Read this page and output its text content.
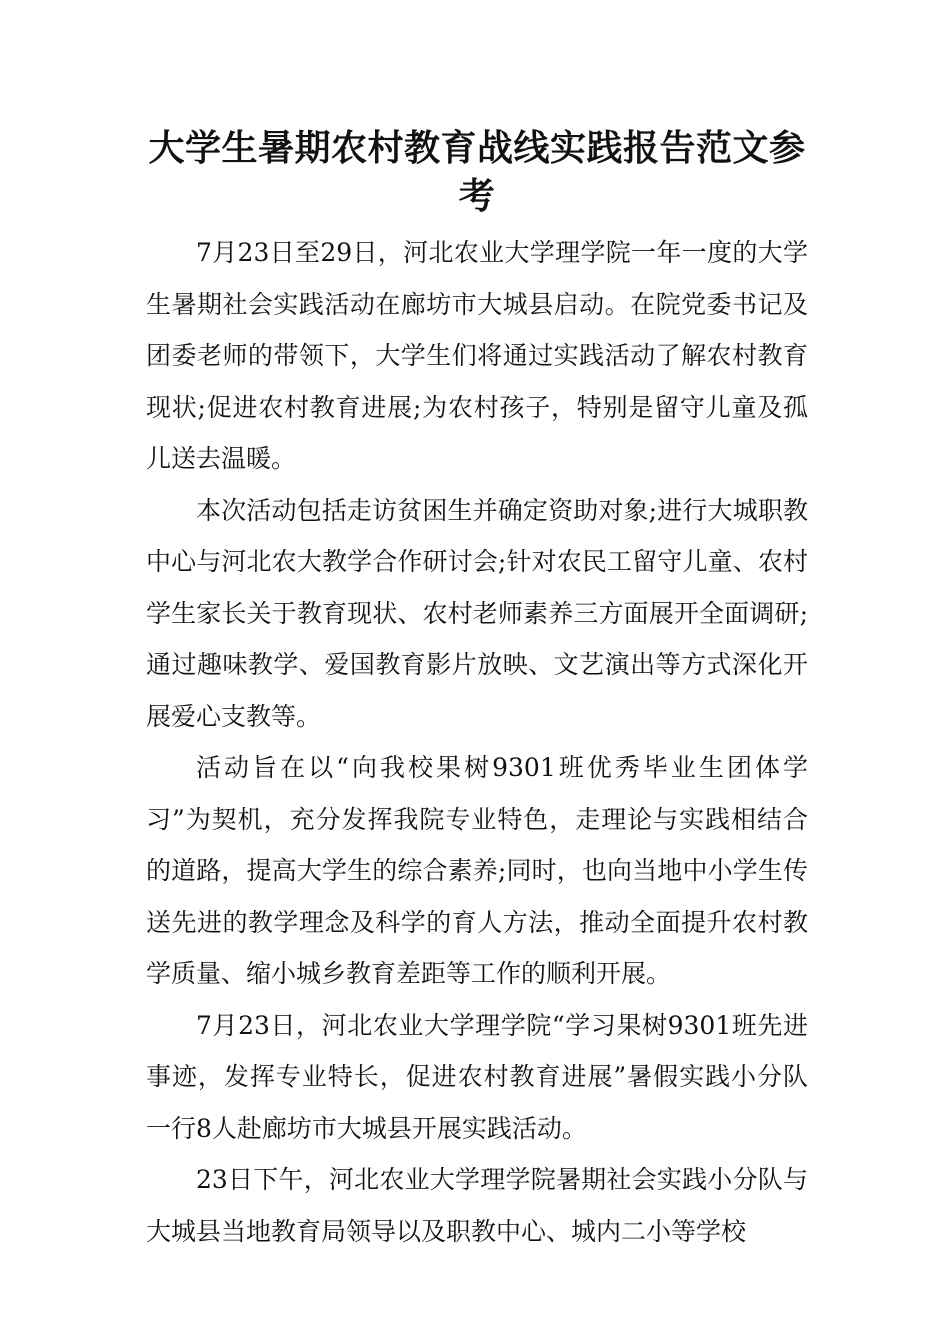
大学生暑期农村教育战线实践报告范文参考

7月23日至29日，河北农业大学理学院一年一度的大学生暑期社会实践活动在廊坊市大城县启动。在院党委书记及团委老师的带领下，大学生们将通过实践活动了解农村教育现状;促进农村教育进展;为农村孩子，特别是留守儿童及孤儿送去温暖。

本次活动包括走访贫困生并确定资助对象;进行大城职教中心与河北农大教学合作研讨会;针对农民工留守儿童、农村学生家长关于教育现状、农村老师素养三方面展开全面调研;通过趣味教学、爱国教育影片放映、文艺演出等方式深化开展爱心支教等。

活动旨在以“向我校果树9301班优秀毕业生团体学习”为契机，充分发挥我院专业特色，走理论与实践相结合的道路，提高大学生的综合素养;同时，也向当地中小学生传送先进的教学理念及科学的育人方法，推动全面提升农村教学质量、缩小城乡教育差距等工作的顺利开展。

7月23日，河北农业大学理学院“学习果树9301班先进事迹，发挥专业特长，促进农村教育进展”暑假实践小分队一行8人赴廊坊市大城县开展实践活动。

23日下午，河北农业大学理学院暑期社会实践小分队与大城县当地教育局领导以及职教中心、城内二小等学校
